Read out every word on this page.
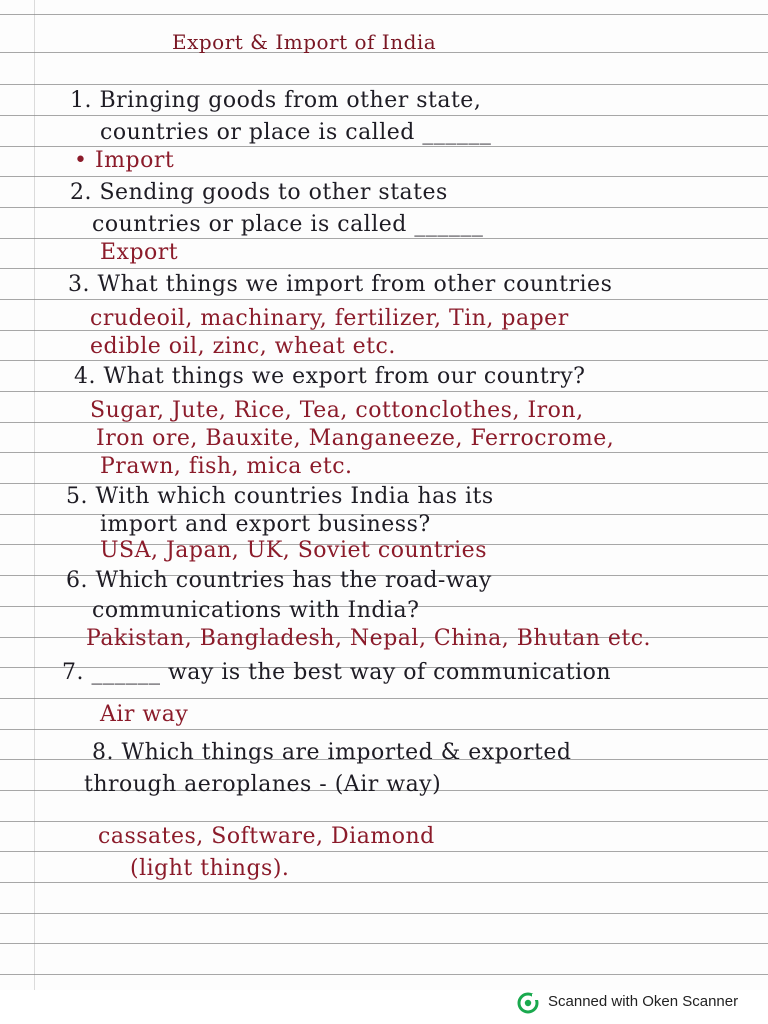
Export & Import of India
1. Bringing goods from other state,
countries or place is called ______
• Import
2. Sending goods to other states
countries or place is called ______
Export
3. What things we import from other countries
crudeoil, machinary, fertilizer, Tin, paper
edible oil, zinc, wheat etc.
4. What things we export from our country?
Sugar, Jute, Rice, Tea, cottonclothes, Iron,
Iron ore, Bauxite, Manganeeze, Ferrocrome,
Prawn, fish, mica etc.
5. With which countries India has its
import and export business?
USA, Japan, UK, Soviet countries
6. Which countries has the road-way
communications with India?
Pakistan, Bangladesh, Nepal, China, Bhutan etc.
7. ______ way is the best way of communication
Air way
8. Which things are imported & exported
through aeroplanes - (Air way)
cassates, Software, Diamond
(light things).
Scanned with Oken Scanner
